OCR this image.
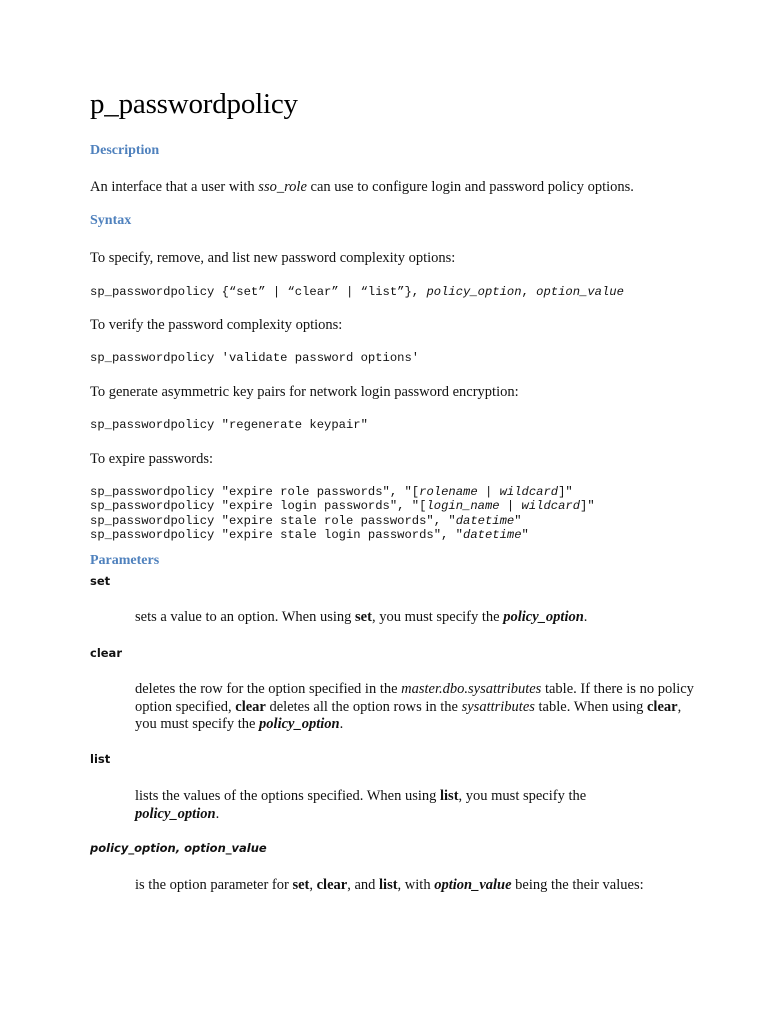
p_passwordpolicy
Description
An interface that a user with sso_role can use to configure login and password policy options.
Syntax
To specify, remove, and list new password complexity options:
sp_passwordpolicy {“set” | “clear” | “list”}, policy_option, option_value
To verify the password complexity options:
sp_passwordpolicy 'validate password options'
To generate asymmetric key pairs for network login password encryption:
sp_passwordpolicy "regenerate keypair"
To expire passwords:
sp_passwordpolicy "expire role passwords", "[rolename | wildcard]"
sp_passwordpolicy "expire login passwords", "[login_name | wildcard]"
sp_passwordpolicy "expire stale role passwords", "datetime"
sp_passwordpolicy "expire stale login passwords", "datetime"
Parameters
set
sets a value to an option. When using set, you must specify the policy_option.
clear
deletes the row for the option specified in the master.dbo.sysattributes table. If there is no policy option specified, clear deletes all the option rows in the sysattributes table. When using clear, you must specify the policy_option.
list
lists the values of the options specified. When using list, you must specify the
policy_option.
policy_option, option_value
is the option parameter for set, clear, and list, with option_value being the their values:
